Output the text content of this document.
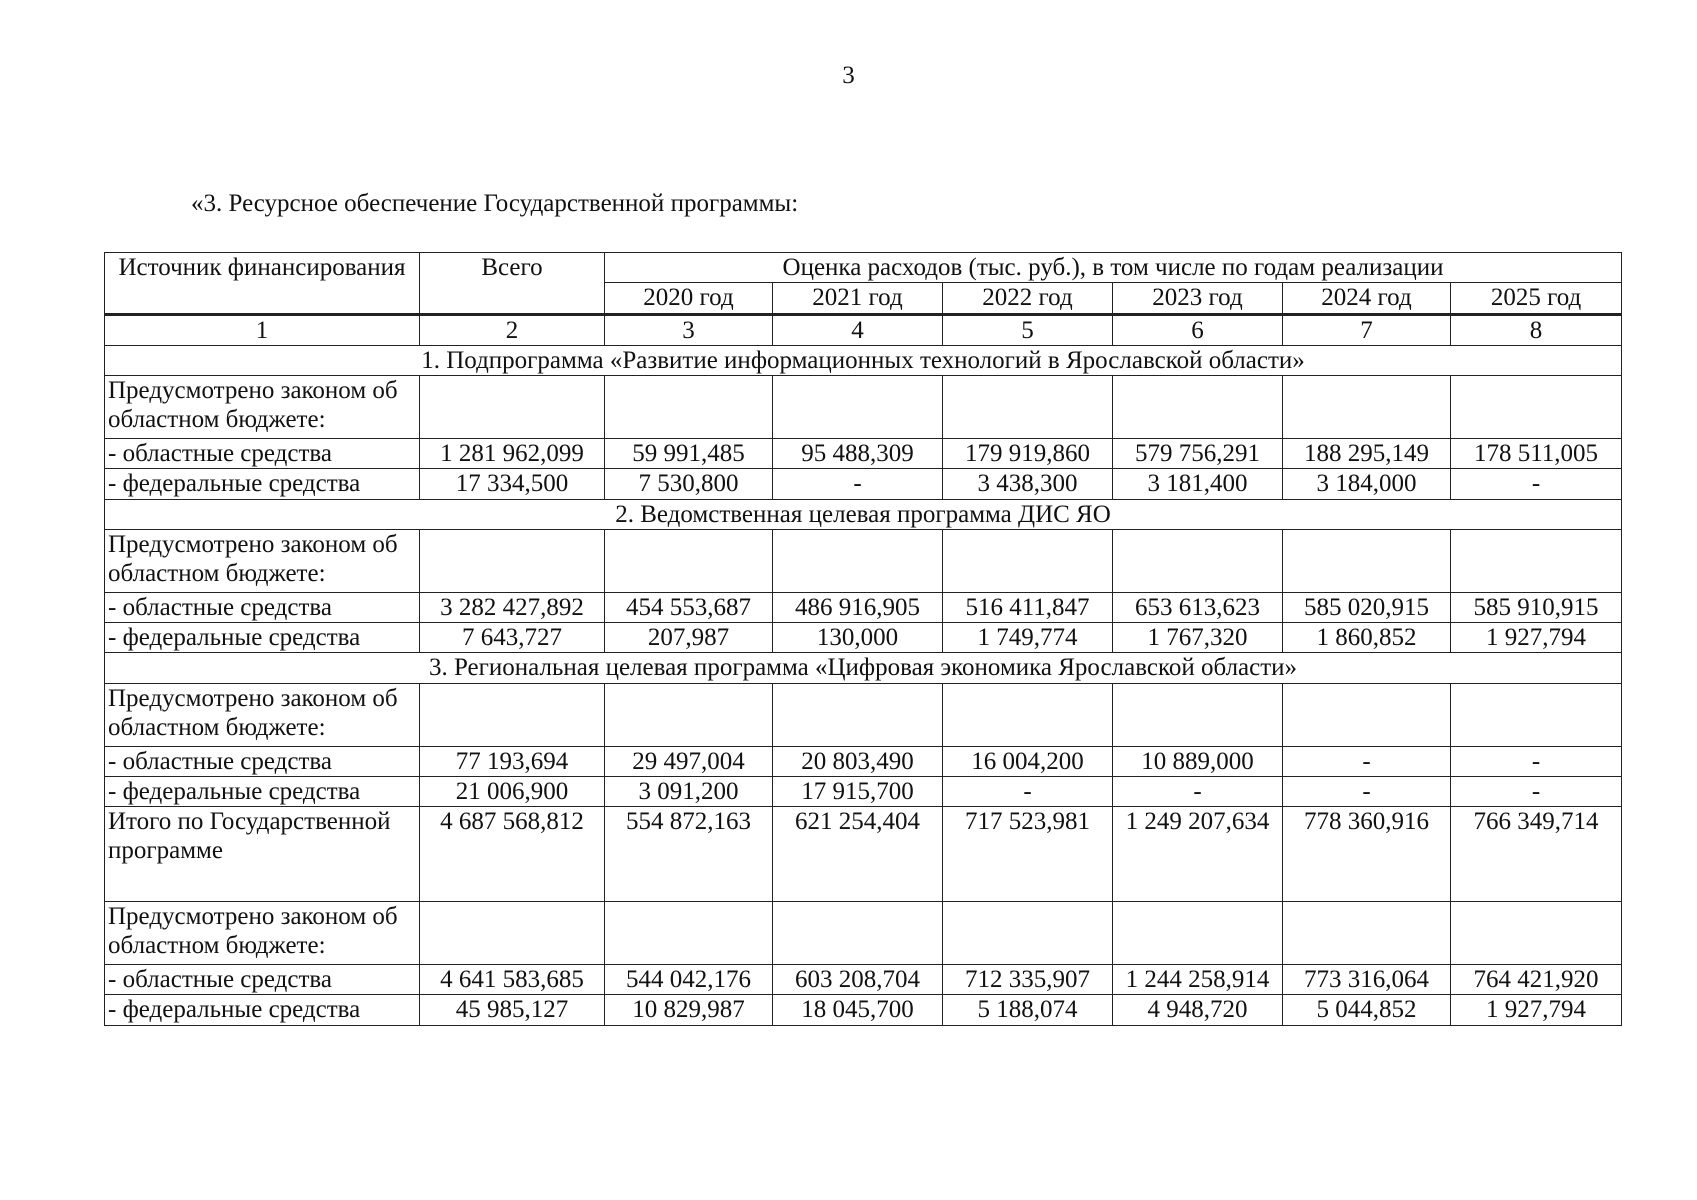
3
«3. Ресурсное обеспечение Государственной программы:
Источник финансирования	Всего	Оценка расходов (тыс. руб.), в том числе по годам реализации					
		2020 год	2021 год	2022 год	2023 год	2024 год	2025 год
1	2	3	4	5	6	7	8
1. Подпрограмма «Развитие информационных технологий в Ярославской области»							
Предусмотрено законом об областном бюджете:							
- областные средства	1 281 962,099	59 991,485	95 488,309	179 919,860	579 756,291	188 295,149	178 511,005
- федеральные средства	17 334,500	7 530,800	-	3 438,300	3 181,400	3 184,000	-
2. Ведомственная целевая программа ДИС ЯО							
Предусмотрено законом об областном бюджете:							
- областные средства	3 282 427,892	454 553,687	486 916,905	516 411,847	653 613,623	585 020,915	585 910,915
- федеральные средства	7 643,727	207,987	130,000	1 749,774	1 767,320	1 860,852	1 927,794
3. Региональная целевая программа «Цифровая экономика Ярославской области»							
Предусмотрено законом об областном бюджете:							
- областные средства	77 193,694	29 497,004	20 803,490	16 004,200	10 889,000	-	-
- федеральные средства	21 006,900	3 091,200	17 915,700	-	-	-	-
Итого по Государственной программе	4 687 568,812	554 872,163	621 254,404	717 523,981	1 249 207,634	778 360,916	766 349,714
Предусмотрено законом об областном бюджете:							
- областные средства	4 641 583,685	544 042,176	603 208,704	712 335,907	1 244 258,914	773 316,064	764 421,920
- федеральные средства	45 985,127	10 829,987	18 045,700	5 188,074	4 948,720	5 044,852	1 927,794
